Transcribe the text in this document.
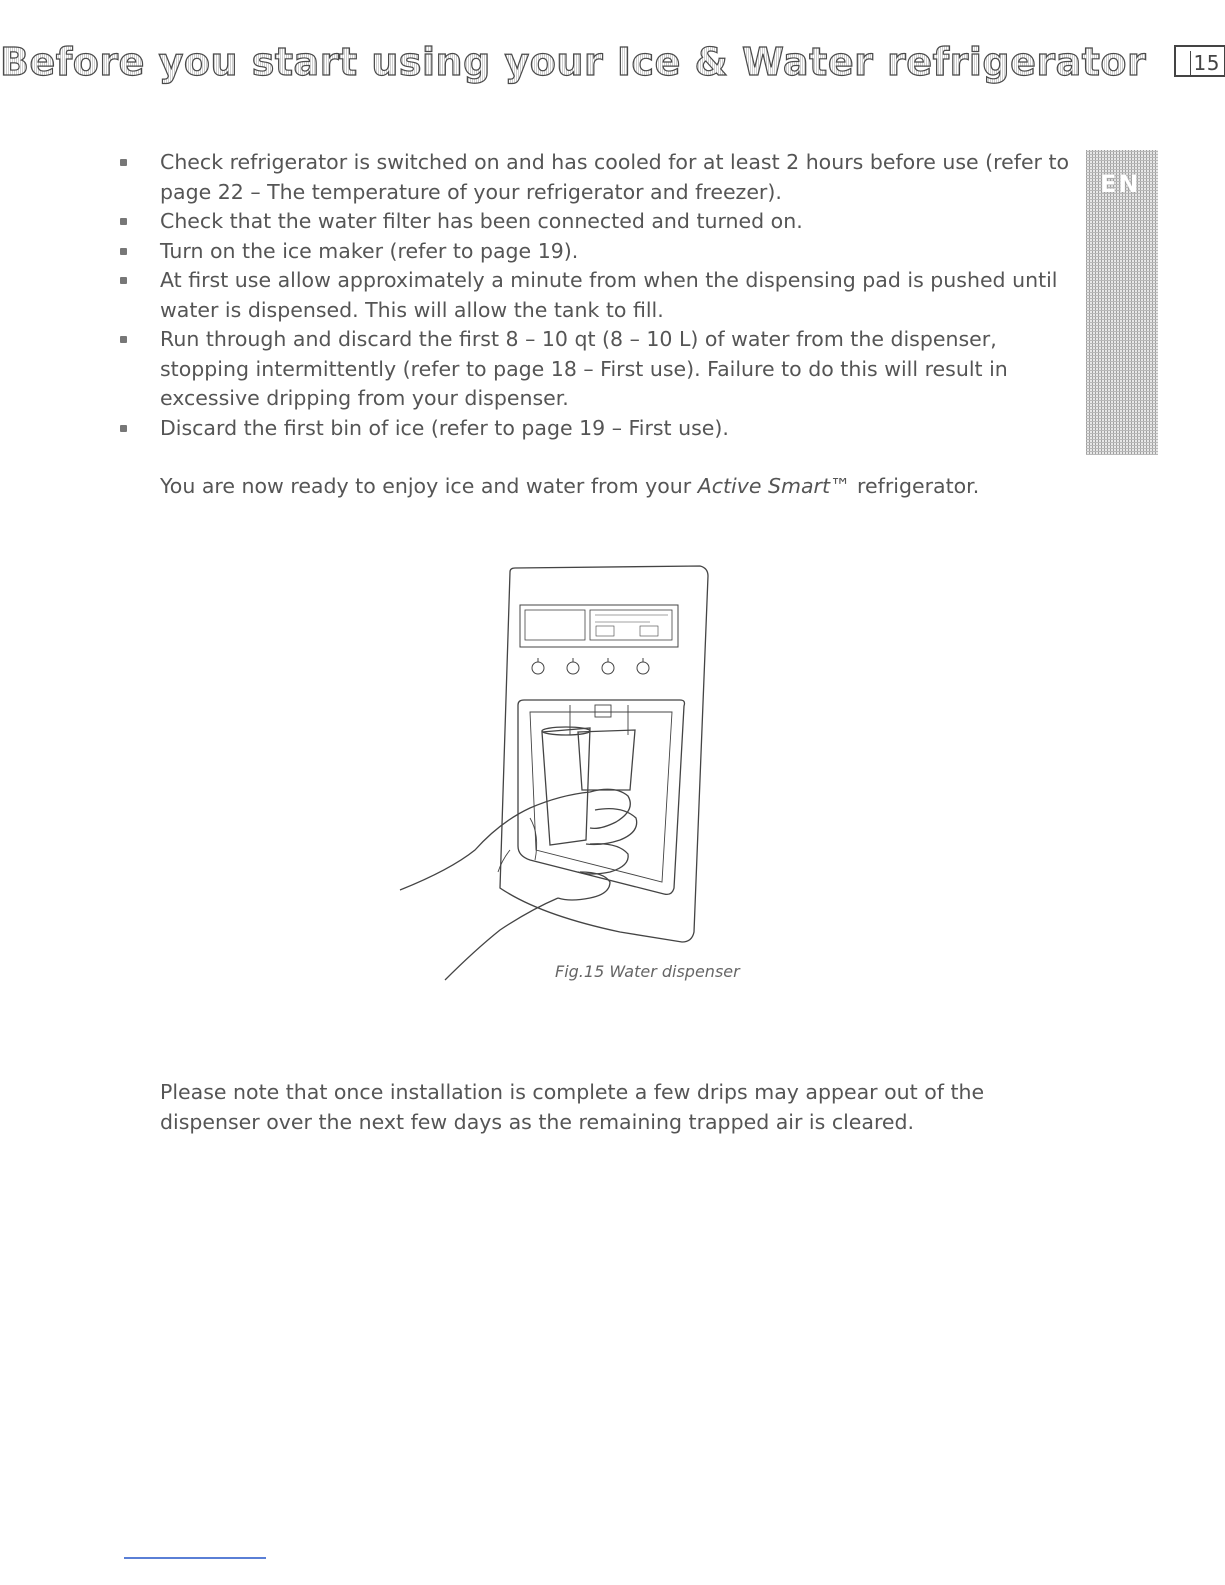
Before you start using your Ice & Water refrigerator 15
EN
Check refrigerator is switched on and has cooled for at least 2 hours before use (refer to page 22 – The temperature of your refrigerator and freezer).
Check that the water filter has been connected and turned on.
Turn on the ice maker (refer to page 19).
At first use allow approximately a minute from when the dispensing pad is pushed until water is dispensed. This will allow the tank to fill.
Run through and discard the first 8 – 10 qt (8 – 10 L) of water from the dispenser, stopping intermittently (refer to page 18 – First use). Failure to do this will result in excessive dripping from your dispenser.
Discard the first bin of ice (refer to page 19 – First use).
You are now ready to enjoy ice and water from your Active Smart™ refrigerator.
Fig.15 Water dispenser
Please note that once installation is complete a few drips may appear out of the dispenser over the next few days as the remaining trapped air is cleared.
